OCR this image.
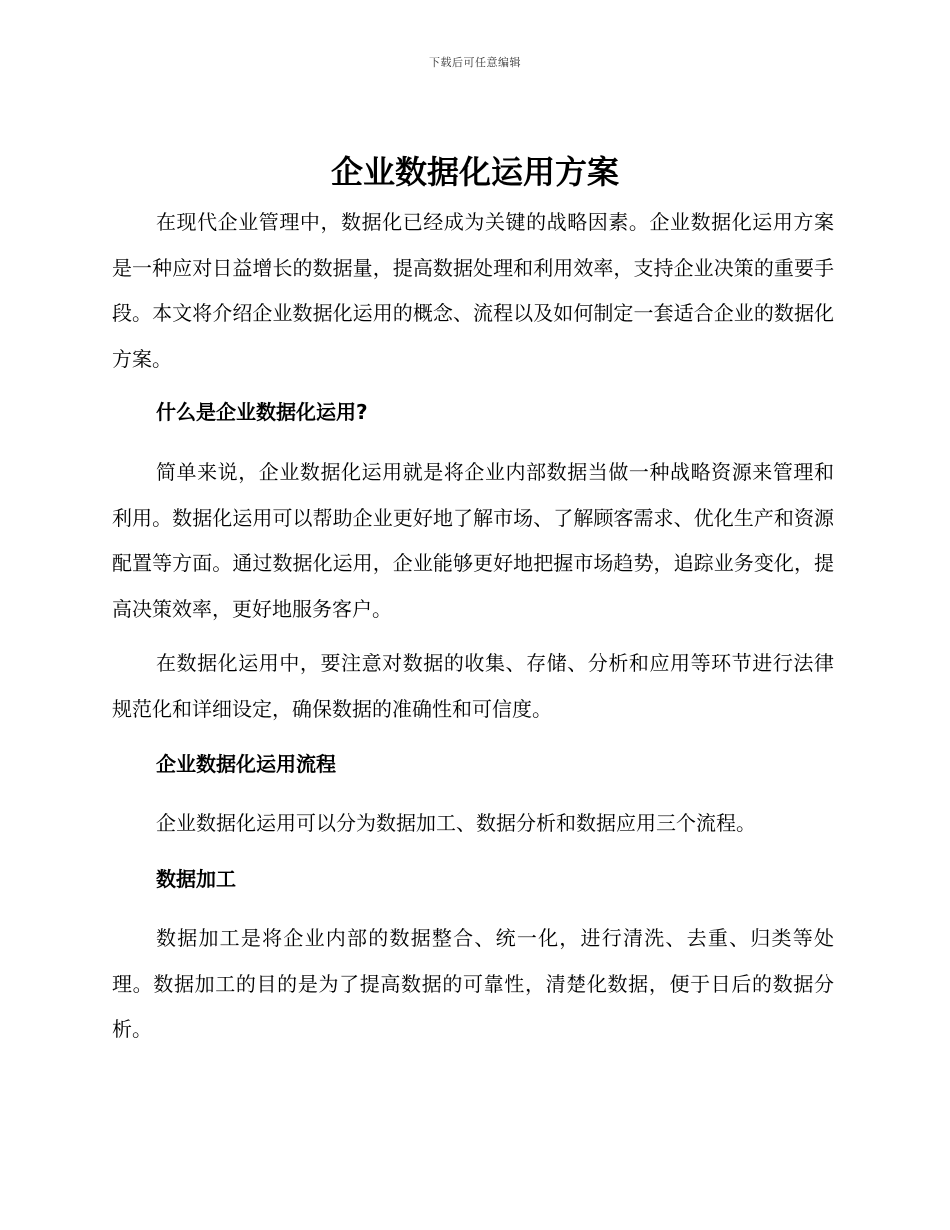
下载后可任意编辑
企业数据化运用方案

在现代企业管理中，数据化已经成为关键的战略因素。企业数据化运用方案是一种应对日益增长的数据量，提高数据处理和利用效率，支持企业决策的重要手段。本文将介绍企业数据化运用的概念、流程以及如何制定一套适合企业的数据化方案。

什么是企业数据化运用?

简单来说，企业数据化运用就是将企业内部数据当做一种战略资源来管理和利用。数据化运用可以帮助企业更好地了解市场、了解顾客需求、优化生产和资源配置等方面。通过数据化运用，企业能够更好地把握市场趋势，追踪业务变化，提高决策效率，更好地服务客户。

在数据化运用中，要注意对数据的收集、存储、分析和应用等环节进行法律规范化和详细设定，确保数据的准确性和可信度。

企业数据化运用流程

企业数据化运用可以分为数据加工、数据分析和数据应用三个流程。

数据加工

数据加工是将企业内部的数据整合、统一化，进行清洗、去重、归类等处理。数据加工的目的是为了提高数据的可靠性，清楚化数据，便于日后的数据分析。
